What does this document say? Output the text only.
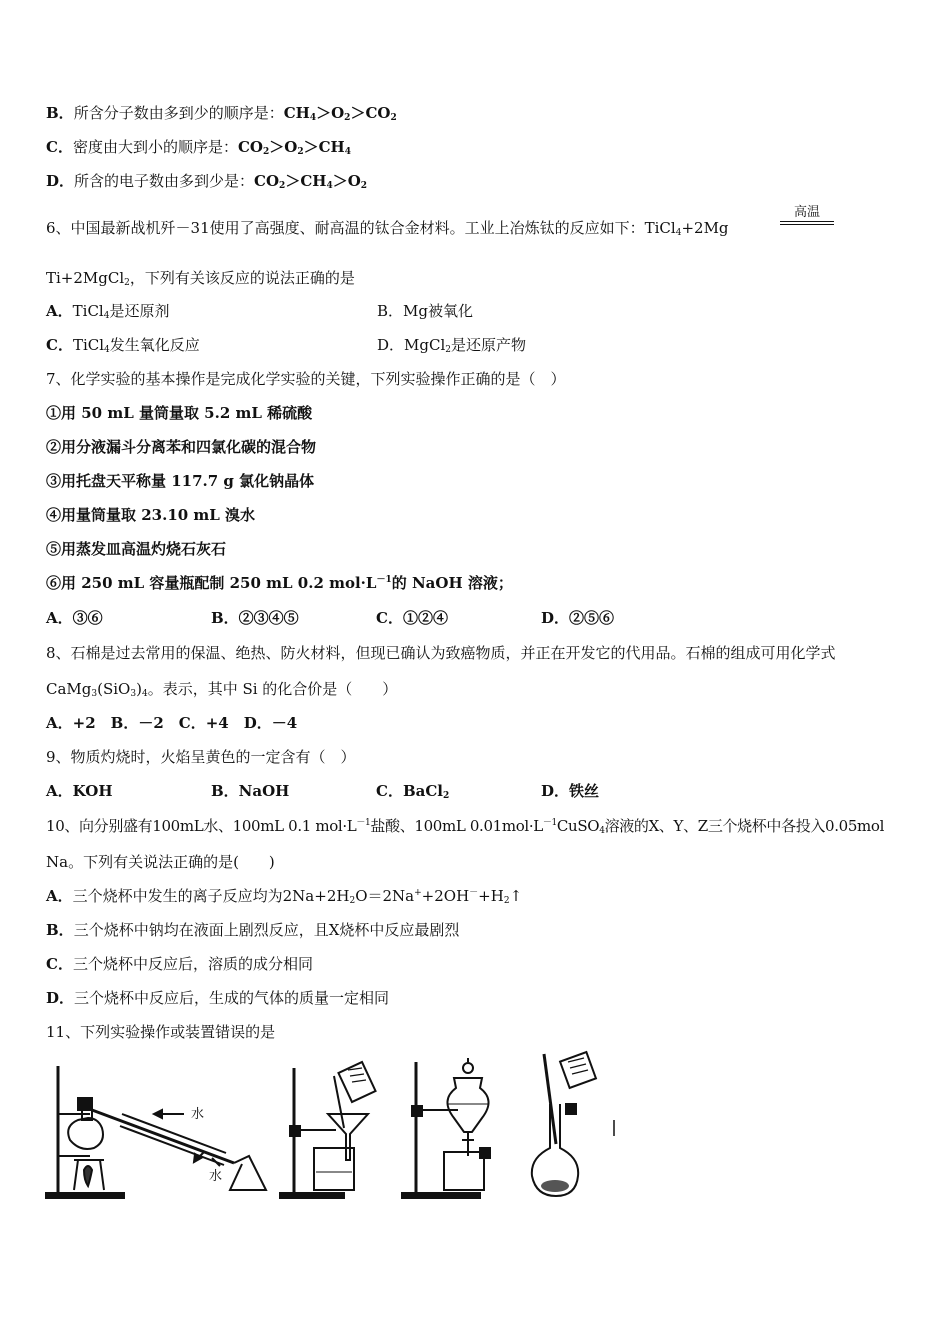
B．所含分子数由多到少的顺序是：$CH_4>O_2>CO_2$
C．密度由大到小的顺序是：$CO_2>O_2>CH_4$
D．所含的电子数由多到少是：$CO_2>CH_4>O_2$
6、中国最新战机歼－31使用了高强度、耐高温的钛合金材料。工业上冶炼钛的反应如下：TiCl$_4$+2Mg
高温
Ti+2MgCl$_2$，下列有关该反应的说法正确的是
A．TiCl$_4$是还原剂	B．Mg被氧化
C．TiCl$_4$发生氧化反应	D．MgCl$_2$是还原产物
7、化学实验的基本操作是完成化学实验的关键，下列实验操作正确的是（　）
①用 50 mL 量筒量取 5.2 mL 稀硫酸
②用分液漏斗分离苯和四氯化碳的混合物
③用托盘天平称量 117.7 g 氯化钠晶体
④用量筒量取 23.10 mL 溴水
⑤用蒸发皿高温灼烧石灰石
⑥用 250 mL 容量瓶配制 250 mL 0.2 $mol\cdot L^{-1}$的 NaOH 溶液；
A．③⑥	B．②③④⑤	C．①②④	D．②⑤⑥
8、石棉是过去常用的保温、绝热、防火材料，但现已确认为致癌物质，并正在开发它的代用品。石棉的组成可用化学式
$CaMg_3(SiO_3)_4$。表示，其中 Si 的化合价是（　　）
A．+2　B．－2　C．+4　D．－4
9、物质灼烧时，火焰呈黄色的一定含有（　）
A．KOH	B．NaOH	C．BaCl$_2$	D．铁丝
10、向分别盛有100mL水、100mL 0.1 $mol\cdot L^{-1}$盐酸、100mL $0.01mol\cdot L^{-1}CuSO_4$溶液的X、Y、Z三个烧杯中各投入0.05mol
Na。下列有关说法正确的是(　　)
A．三个烧杯中发生的离子反应均为$2Na+2H_2O=2Na^++2OH^-+H_2↑$
B．三个烧杯中钠均在液面上剧烈反应，且X烧杯中反应最剧烈
C．三个烧杯中反应后，溶质的成分相同
D．三个烧杯中反应后，生成的气体的质量一定相同
11、下列实验操作或装置错误的是
水
水
